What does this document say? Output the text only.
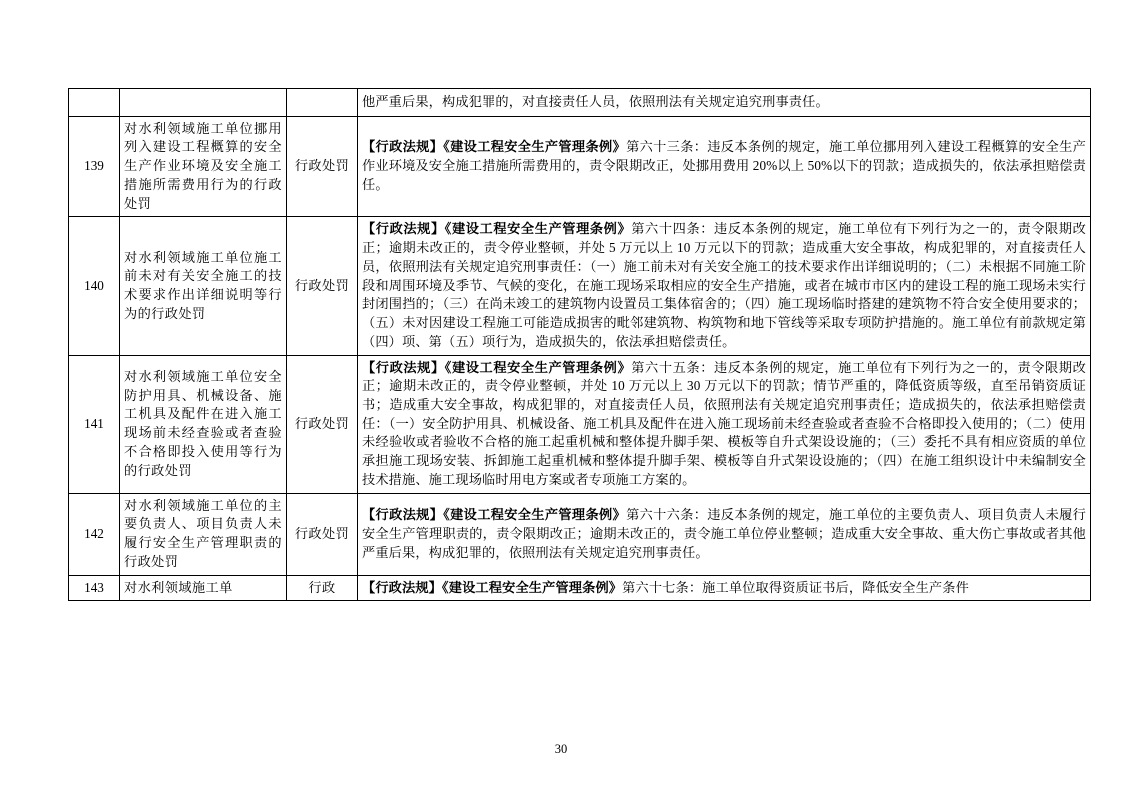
			他严重后果，构成犯罪的，对直接责任人员，依照刑法有关规定追究刑事责任。
139	对水利领域施工单位挪用列入建设工程概算的安全生产作业环境及安全施工措施所需费用行为的行政处罚	行政处罚	【行政法规】《建设工程安全生产管理条例》第六十三条：违反本条例的规定，施工单位挪用列入建设工程概算的安全生产作业环境及安全施工措施所需费用的，责令限期改正，处挪用费用 20%以上 50%以下的罚款；造成损失的，依法承担赔偿责任。
140	对水利领域施工单位施工前未对有关安全施工的技术要求作出详细说明等行为的行政处罚	行政处罚	【行政法规】《建设工程安全生产管理条例》第六十四条：违反本条例的规定，施工单位有下列行为之一的，责令限期改正；逾期未改正的，责令停业整顿，并处 5 万元以上 10 万元以下的罚款；造成重大安全事故，构成犯罪的，对直接责任人员，依照刑法有关规定追究刑事责任：（一）施工前未对有关安全施工的技术要求作出详细说明的；（二）未根据不同施工阶段和周围环境及季节、气候的变化，在施工现场采取相应的安全生产措施，或者在城市市区内的建设工程的施工现场未实行封闭围挡的；（三）在尚未竣工的建筑物内设置员工集体宿舍的；（四）施工现场临时搭建的建筑物不符合安全使用要求的；（五）未对因建设工程施工可能造成损害的毗邻建筑物、构筑物和地下管线等采取专项防护措施的。施工单位有前款规定第（四）项、第（五）项行为，造成损失的，依法承担赔偿责任。
141	对水利领域施工单位安全防护用具、机械设备、施工机具及配件在进入施工现场前未经查验或者查验不合格即投入使用等行为的行政处罚	行政处罚	【行政法规】《建设工程安全生产管理条例》第六十五条：违反本条例的规定，施工单位有下列行为之一的，责令限期改正；逾期未改正的，责令停业整顿，并处 10 万元以上 30 万元以下的罚款；情节严重的，降低资质等级，直至吊销资质证书；造成重大安全事故，构成犯罪的，对直接责任人员，依照刑法有关规定追究刑事责任；造成损失的，依法承担赔偿责任：（一）安全防护用具、机械设备、施工机具及配件在进入施工现场前未经查验或者查验不合格即投入使用的；（二）使用未经验收或者验收不合格的施工起重机械和整体提升脚手架、模板等自升式架设设施的；（三）委托不具有相应资质的单位承担施工现场安装、拆卸施工起重机械和整体提升脚手架、模板等自升式架设设施的；（四）在施工组织设计中未编制安全技术措施、施工现场临时用电方案或者专项施工方案的。
142	对水利领域施工单位的主要负责人、项目负责人未履行安全生产管理职责的行政处罚	行政处罚	【行政法规】《建设工程安全生产管理条例》第六十六条：违反本条例的规定，施工单位的主要负责人、项目负责人未履行安全生产管理职责的，责令限期改正；逾期未改正的，责令施工单位停业整顿；造成重大安全事故、重大伤亡事故或者其他严重后果，构成犯罪的，依照刑法有关规定追究刑事责任。
143	对水利领域施工单	行政	【行政法规】《建设工程安全生产管理条例》第六十七条：施工单位取得资质证书后，降低安全生产条件
30
